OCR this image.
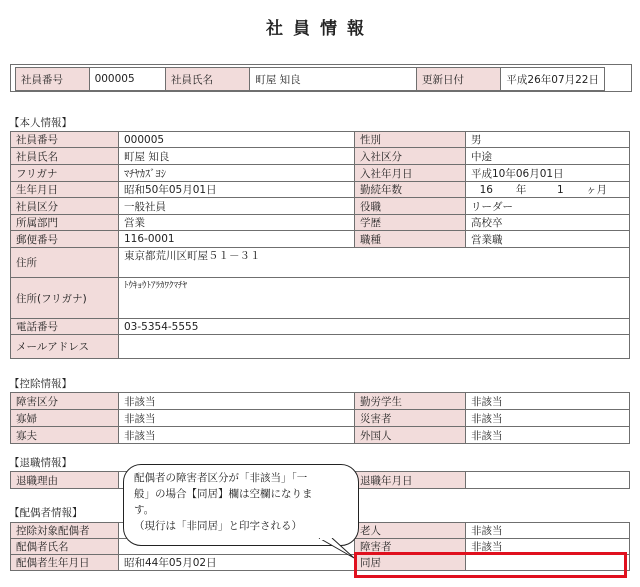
社員情報
社員番号	000005	社員氏名	町屋 知良	更新日付	平成26年07月22日
【本人情報】
社員番号	000005	性別	男
社員氏名	町屋 知良	入社区分	中途
フリガナ	ﾏﾁﾔｶｽﾞﾖｼ	入社年月日	平成10年06月01日
生年月日	昭和50年05月01日	勤続年数	16 年 1 ヶ月
社員区分	一般社員	役職	リーダー
所属部門	営業	学歴	高校卒
郵便番号	116-0001	職種	営業職
住所	東京都荒川区町屋５１－３１		
住所(フリガナ)	ﾄｳｷｮｳﾄｱﾗｶﾜｸﾏﾁﾔ		
電話番号	03-5354-5555		
メールアドレス			
【控除情報】
障害区分	非該当	勤労学生	非該当
寡婦	非該当	災害者	非該当
寡夫	非該当	外国人	非該当
【退職情報】
退職理由		退職年月日	
【配偶者情報】
控除対象配偶者		老人	非該当
配偶者氏名		障害者	非該当
配偶者生年月日	昭和44年05月02日	同居	

配偶者の障害者区分が「非該当」「一

般」の場合【同居】欄は空欄になりま

す。

（現行は「非同居」と印字される）
